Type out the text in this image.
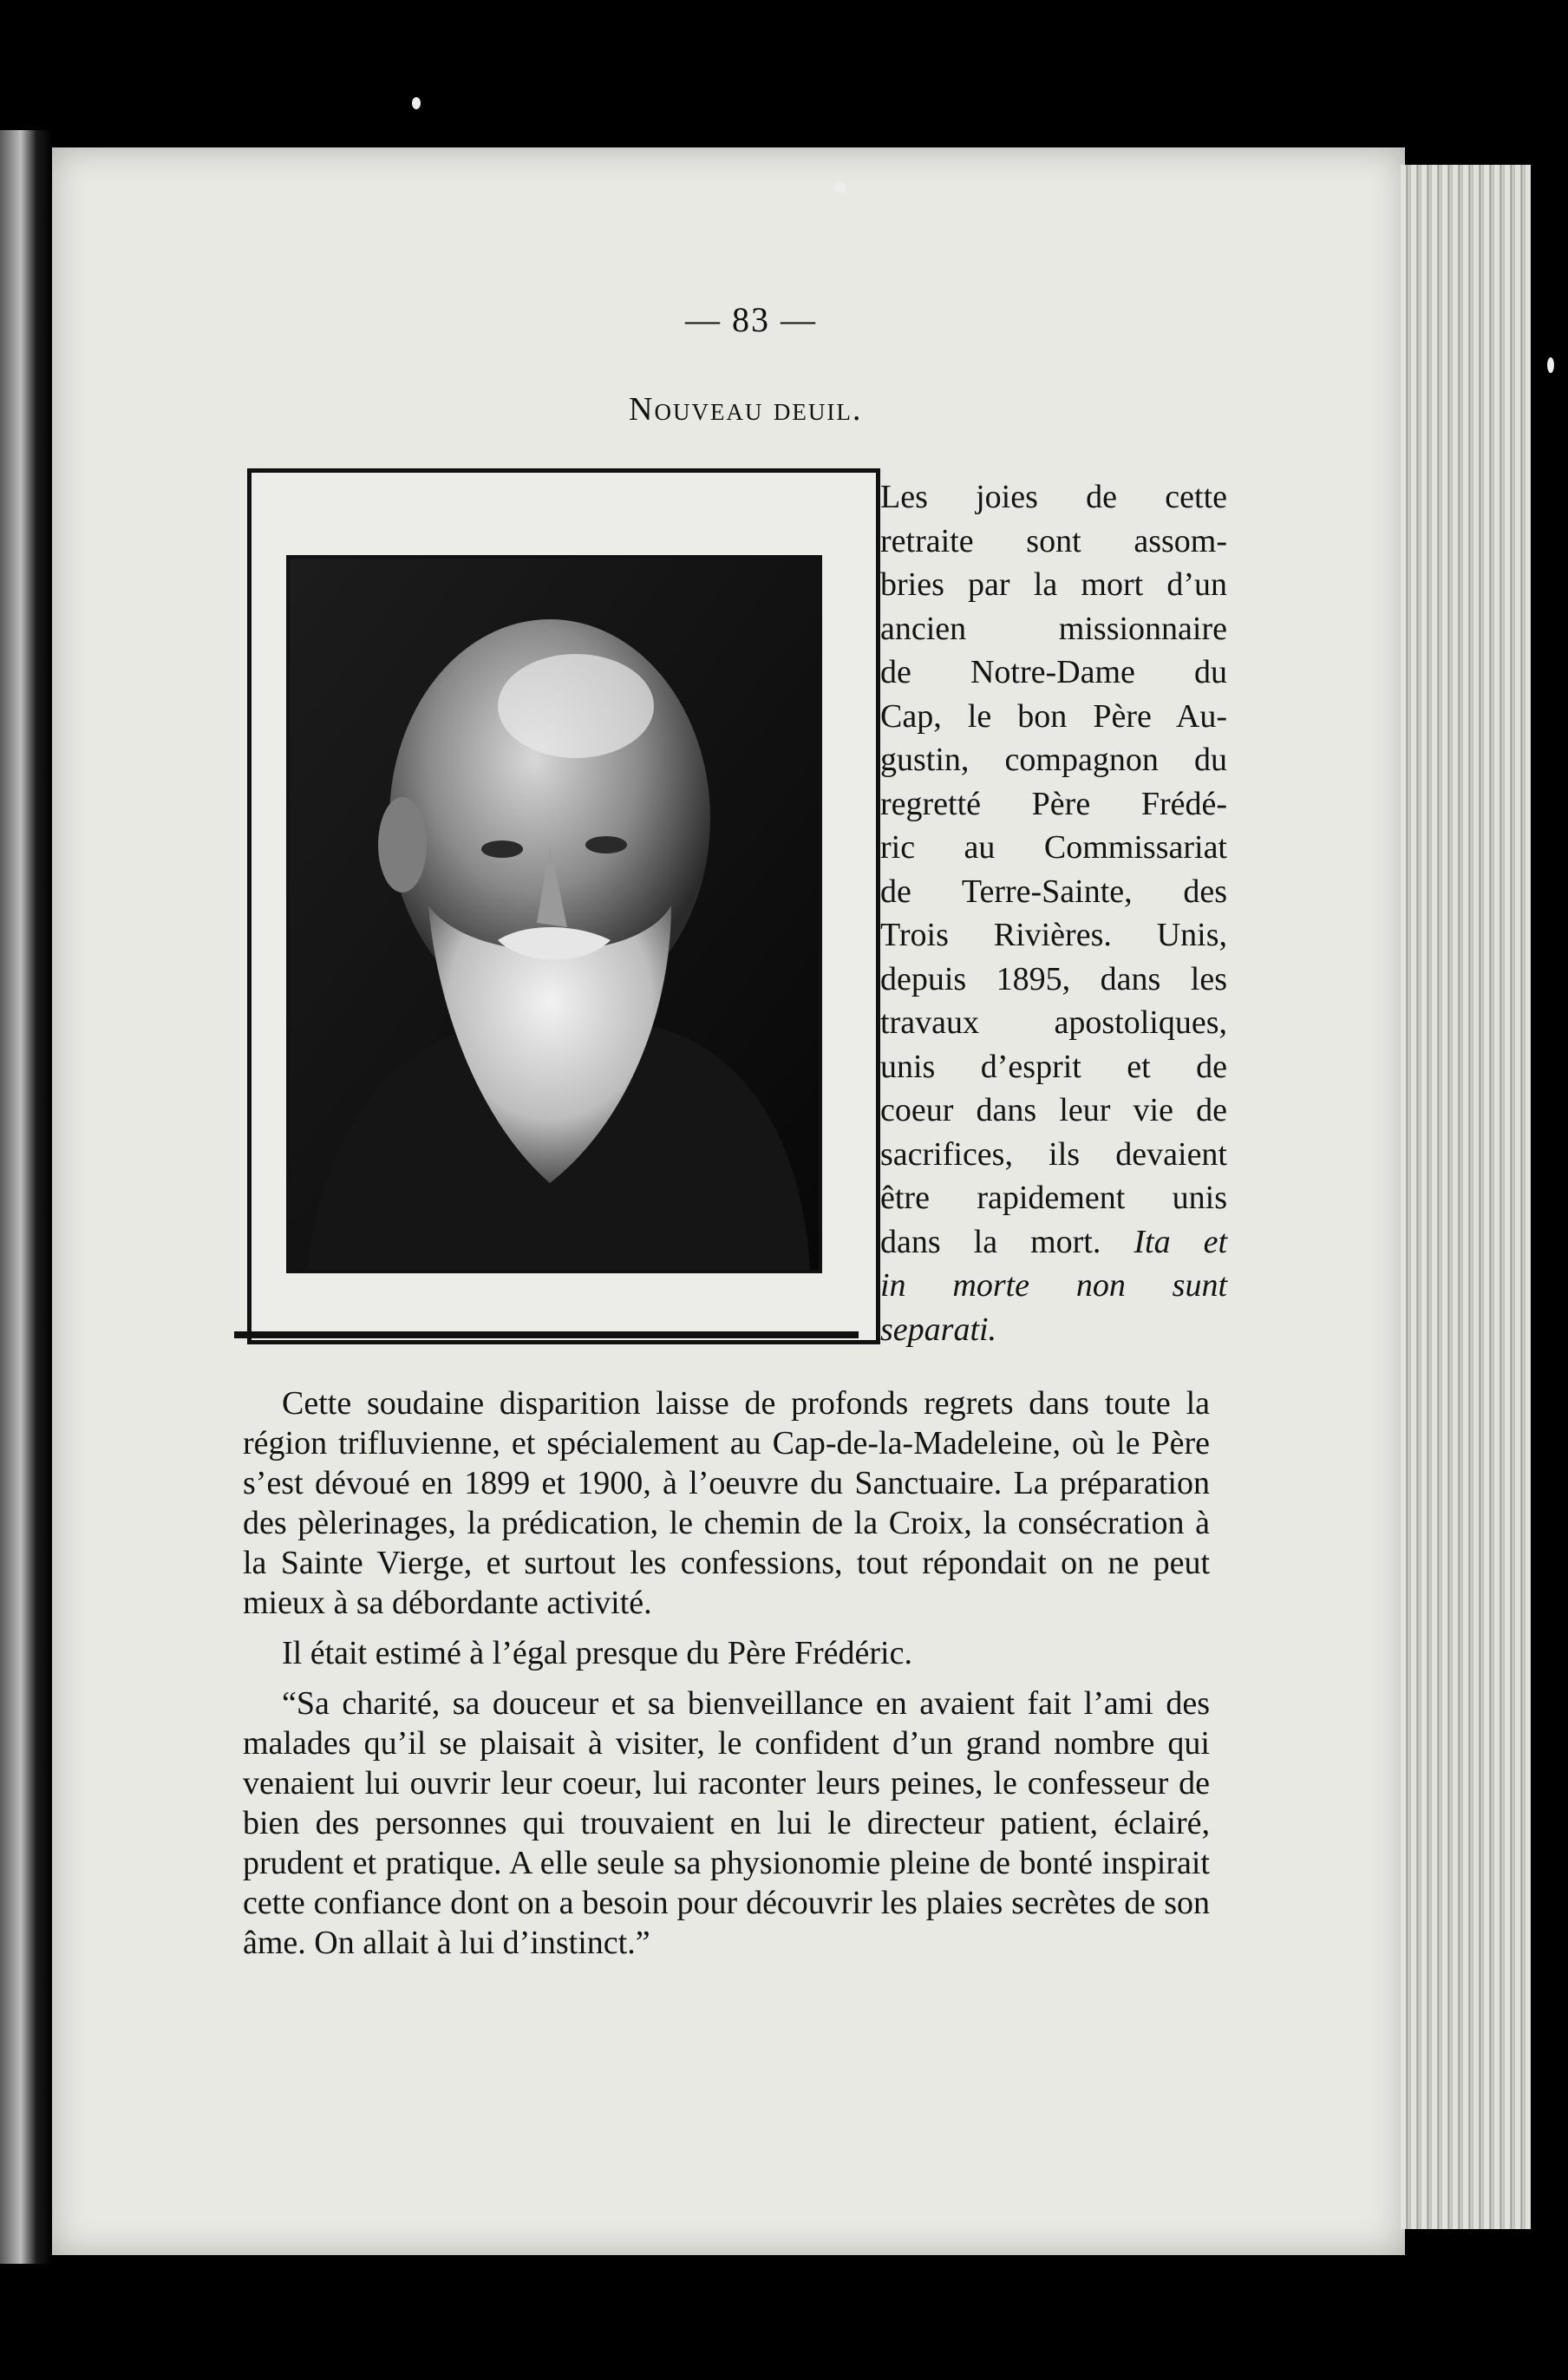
— 83 —
Nouveau deuil.
Les joies de cette
retraite sont assom-
bries par la mort d’un
ancien missionnaire
de Notre-Dame du
Cap, le bon Père Au-
gustin, compagnon du
regretté Père Frédé-
ric au Commissariat
de Terre-Sainte, des
Trois Rivières. Unis,
depuis 1895, dans les
travaux apostoliques,
unis d’esprit et de
coeur dans leur vie de
sacrifices, ils devaient
être rapidement unis
dans la mort. Ita et
in morte non sunt
separati.

Cette soudaine disparition laisse de profonds regrets dans toute la région trifluvienne, et spécialement au Cap-de-la-Madeleine, où le Père s’est dévoué en 1899 et 1900, à l’oeuvre du Sanctuaire. La préparation des pèlerinages, la prédication, le chemin de la Croix, la consécration à la Sainte Vierge, et surtout les confessions, tout répondait on ne peut mieux à sa débordante activité.

Il était estimé à l’égal presque du Père Frédéric.

“Sa charité, sa douceur et sa bienveillance en avaient fait l’ami des malades qu’il se plaisait à visiter, le confident d’un grand nombre qui venaient lui ouvrir leur coeur, lui raconter leurs peines, le confesseur de bien des personnes qui trouvaient en lui le directeur patient, éclairé, prudent et pratique. A elle seule sa physionomie pleine de bonté inspirait cette confiance dont on a besoin pour découvrir les plaies secrètes de son âme. On allait à lui d’instinct.”
